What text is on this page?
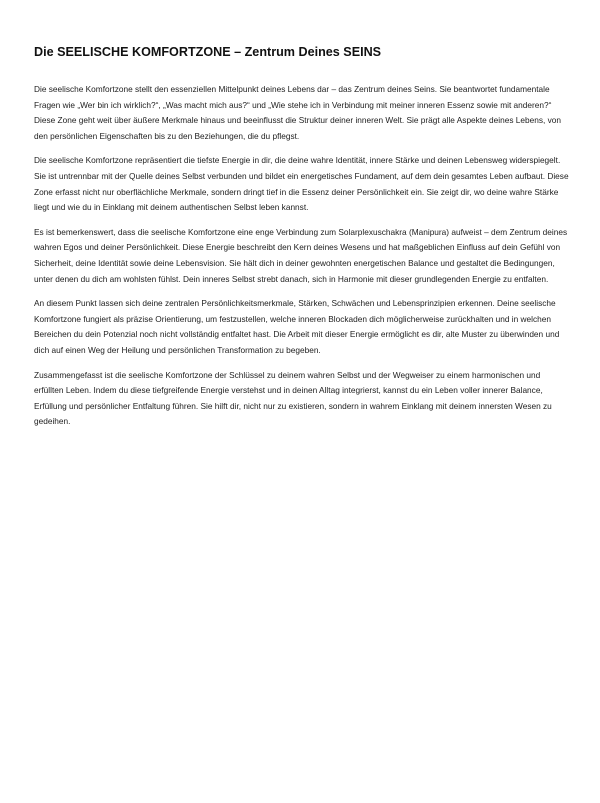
Die SEELISCHE KOMFORTZONE – Zentrum Deines SEINS

Die seelische Komfortzone stellt den essenziellen Mittelpunkt deines Lebens dar – das Zentrum deines Seins. Sie beantwortet fundamentale Fragen wie „Wer bin ich wirklich?“, „Was macht mich aus?“ und „Wie stehe ich in Verbindung mit meiner inneren Essenz sowie mit anderen?“ Diese Zone geht weit über äußere Merkmale hinaus und beeinflusst die Struktur deiner inneren Welt. Sie prägt alle Aspekte deines Lebens, von den persönlichen Eigenschaften bis zu den Beziehungen, die du pflegst.

Die seelische Komfortzone repräsentiert die tiefste Energie in dir, die deine wahre Identität, innere Stärke und deinen Lebensweg widerspiegelt. Sie ist untrennbar mit der Quelle deines Selbst verbunden und bildet ein energetisches Fundament, auf dem dein gesamtes Leben aufbaut. Diese Zone erfasst nicht nur oberflächliche Merkmale, sondern dringt tief in die Essenz deiner Persönlichkeit ein. Sie zeigt dir, wo deine wahre Stärke liegt und wie du in Einklang mit deinem authentischen Selbst leben kannst.

Es ist bemerkenswert, dass die seelische Komfortzone eine enge Verbindung zum Solarplexuschakra (Manipura) aufweist – dem Zentrum deines wahren Egos und deiner Persönlichkeit. Diese Energie beschreibt den Kern deines Wesens und hat maßgeblichen Einfluss auf dein Gefühl von Sicherheit, deine Identität sowie deine Lebensvision. Sie hält dich in deiner gewohnten energetischen Balance und gestaltet die Bedingungen, unter denen du dich am wohlsten fühlst. Dein inneres Selbst strebt danach, sich in Harmonie mit dieser grundlegenden Energie zu entfalten.

An diesem Punkt lassen sich deine zentralen Persönlichkeitsmerkmale, Stärken, Schwächen und Lebensprinzipien erkennen. Deine seelische Komfortzone fungiert als präzise Orientierung, um festzustellen, welche inneren Blockaden dich möglicherweise zurückhalten und in welchen Bereichen du dein Potenzial noch nicht vollständig entfaltet hast. Die Arbeit mit dieser Energie ermöglicht es dir, alte Muster zu überwinden und dich auf einen Weg der Heilung und persönlichen Transformation zu begeben.

Zusammengefasst ist die seelische Komfortzone der Schlüssel zu deinem wahren Selbst und der Wegweiser zu einem harmonischen und erfüllten Leben. Indem du diese tiefgreifende Energie verstehst und in deinen Alltag integrierst, kannst du ein Leben voller innerer Balance, Erfüllung und persönlicher Entfaltung führen. Sie hilft dir, nicht nur zu existieren, sondern in wahrem Einklang mit deinem innersten Wesen zu gedeihen.
